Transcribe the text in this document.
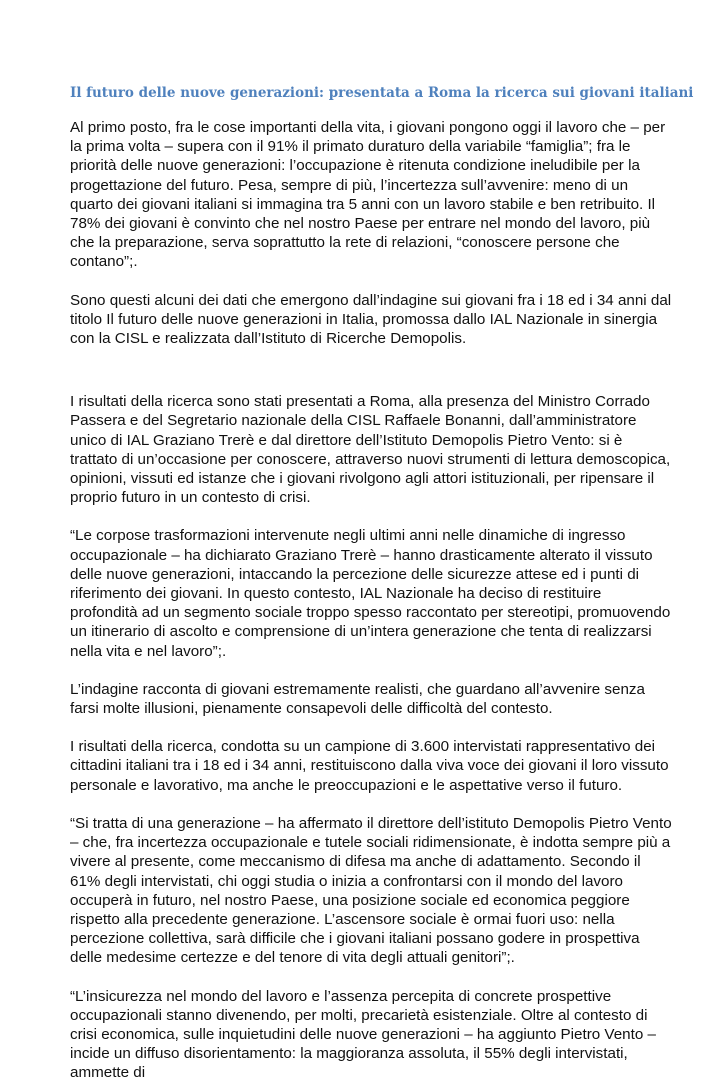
Il futuro delle nuove generazioni: presentata a Roma la ricerca sui giovani italiani

Al primo posto, fra le cose importanti della vita, i giovani pongono oggi il lavoro che – per la prima volta – supera con il 91% il primato duraturo della variabile “famiglia”; fra le priorità delle nuove generazioni: l’occupazione è ritenuta condizione ineludibile per la progettazione del futuro. Pesa, sempre di più, l’incertezza sull’avvenire: meno di un quarto dei giovani italiani si immagina tra 5 anni con un lavoro stabile e ben retribuito. Il 78% dei giovani è convinto che nel nostro Paese per entrare nel mondo del lavoro, più che la preparazione, serva soprattutto la rete di relazioni, “conoscere persone che contano”;.

Sono questi alcuni dei dati che emergono dall’indagine sui giovani fra i 18 ed i 34 anni dal titolo Il futuro delle nuove generazioni in Italia, promossa dallo IAL Nazionale in sinergia con la CISL e realizzata dall’Istituto di Ricerche Demopolis.

I risultati della ricerca sono stati presentati a Roma, alla presenza del Ministro Corrado Passera e del Segretario nazionale della CISL Raffaele Bonanni, dall’amministratore unico di IAL Graziano Trerè e dal direttore dell’Istituto Demopolis Pietro Vento: si è trattato di un’occasione per conoscere, attraverso nuovi strumenti di lettura demoscopica, opinioni, vissuti ed istanze che i giovani rivolgono agli attori istituzionali, per ripensare il proprio futuro in un contesto di crisi.

“Le corpose trasformazioni intervenute negli ultimi anni nelle dinamiche di ingresso occupazionale – ha dichiarato Graziano Trerè – hanno drasticamente alterato il vissuto delle nuove generazioni, intaccando la percezione delle sicurezze attese ed i punti di riferimento dei giovani. In questo contesto, IAL Nazionale ha deciso di restituire profondità ad un segmento sociale troppo spesso raccontato per stereotipi, promuovendo un itinerario di ascolto e comprensione di un’intera generazione che tenta di realizzarsi nella vita e nel lavoro”;.

L’indagine racconta di giovani estremamente realisti, che guardano all’avvenire senza farsi molte illusioni, pienamente consapevoli delle difficoltà del contesto.

I risultati della ricerca, condotta su un campione di 3.600 intervistati rappresentativo dei cittadini italiani tra i 18 ed i 34 anni, restituiscono dalla viva voce dei giovani il loro vissuto personale e lavorativo, ma anche le preoccupazioni e le aspettative verso il futuro.

“Si tratta di una generazione – ha affermato il direttore dell’istituto Demopolis Pietro Vento – che, fra incertezza occupazionale e tutele sociali ridimensionate, è indotta sempre più a vivere al presente, come meccanismo di difesa ma anche di adattamento. Secondo il 61% degli intervistati, chi oggi studia o inizia a confrontarsi con il mondo del lavoro occuperà in futuro, nel nostro Paese, una posizione sociale ed economica peggiore rispetto alla precedente generazione. L’ascensore sociale è ormai fuori uso: nella percezione collettiva, sarà difficile che i giovani italiani possano godere in prospettiva delle medesime certezze e del tenore di vita degli attuali genitori”;.

“L’insicurezza nel mondo del lavoro e l’assenza percepita di concrete prospettive occupazionali stanno divenendo, per molti, precarietà esistenziale. Oltre al contesto di crisi economica, sulle inquietudini delle nuove generazioni – ha aggiunto Pietro Vento – incide un diffuso disorientamento: la maggioranza assoluta, il 55% degli intervistati, ammette di
